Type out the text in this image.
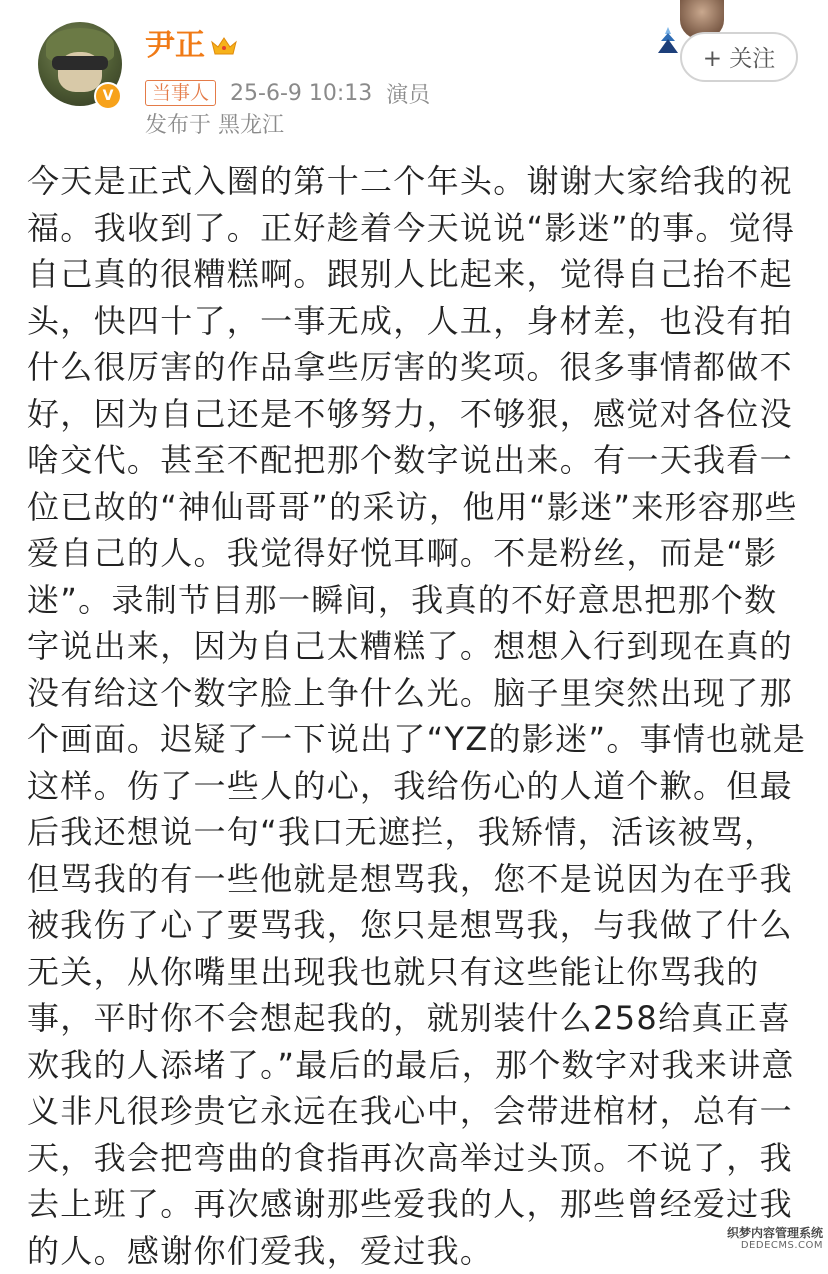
V
尹正
当事人 25-6-9 10:13 演员
发布于 黑龙江
+ 关注

今天是正式入圈的第十二个年头。谢谢大家给我的祝福。我收到了。正好趁着今天说说“影迷”的事。觉得自己真的很糟糕啊。跟别人比起来，觉得自己抬不起头，快四十了，一事无成，人丑，身材差，也没有拍什么很厉害的作品拿些厉害的奖项。很多事情都做不好，因为自己还是不够努力，不够狠，感觉对各位没啥交代。甚至不配把那个数字说出来。有一天我看一位已故的“神仙哥哥”的采访，他用“影迷”来形容那些爱自己的人。我觉得好悦耳啊。不是粉丝，而是“影迷”。录制节目那一瞬间，我真的不好意思把那个数字说出来，因为自己太糟糕了。想想入行到现在真的没有给这个数字脸上争什么光。脑子里突然出现了那个画面。迟疑了一下说出了“YZ的影迷”。事情也就是这样。伤了一些人的心，我给伤心的人道个歉。但最后我还想说一句“我口无遮拦，我矫情，活该被骂，但骂我的有一些他就是想骂我，您不是说因为在乎我被我伤了心了要骂我，您只是想骂我，与我做了什么无关，从你嘴里出现我也就只有这些能让你骂我的事，平时你不会想起我的，就别装什么258给真正喜欢我的人添堵了。”最后的最后，那个数字对我来讲意义非凡很珍贵它永远在我心中，会带进棺材，总有一天，我会把弯曲的食指再次高举过头顶。不说了，我去上班了。再次感谢那些爱我的人，那些曾经爱过我的人。感谢你们爱我，爱过我。	织梦内容管理系统
DEDECMS.COM
